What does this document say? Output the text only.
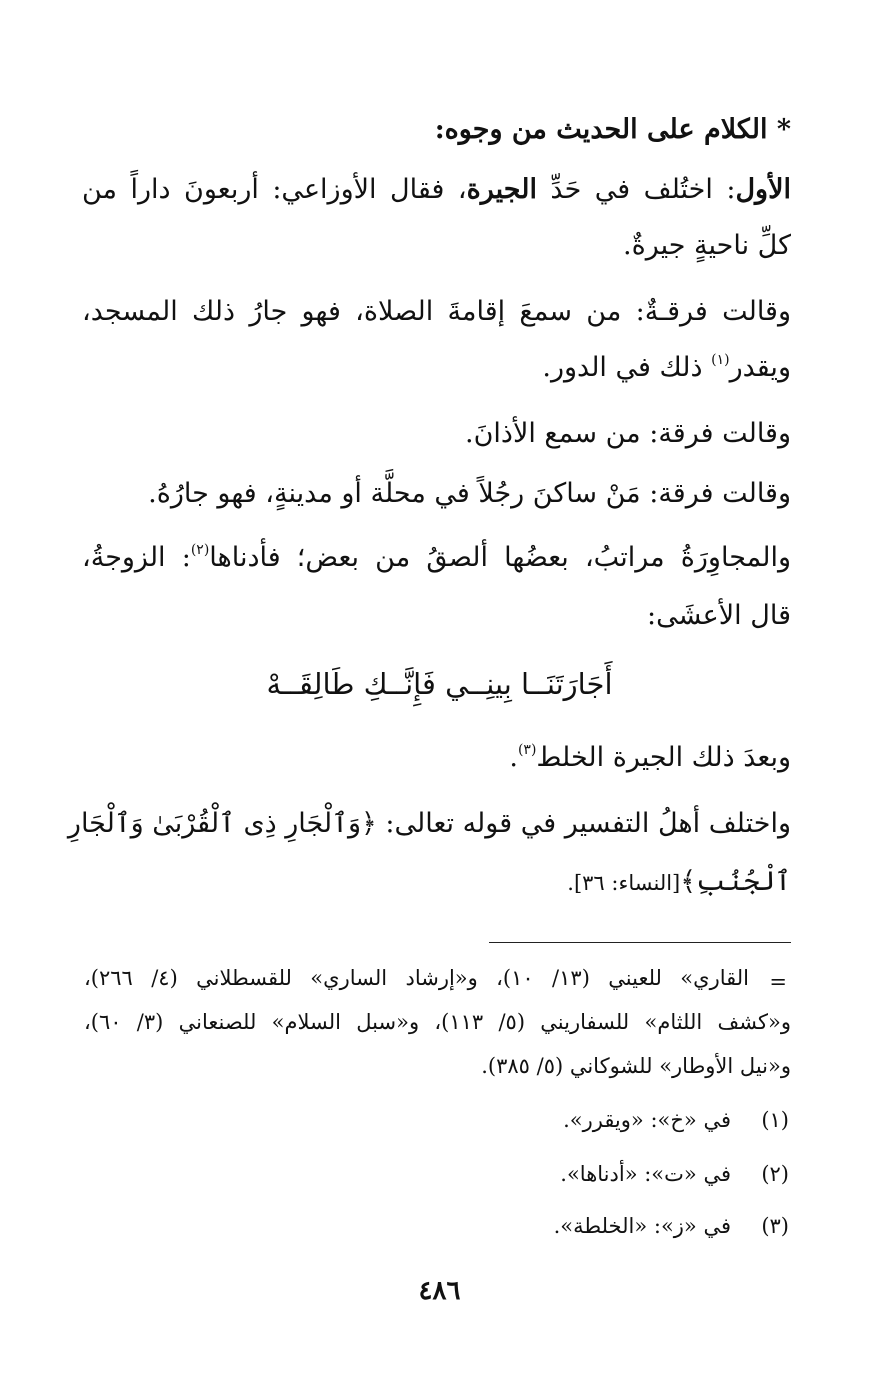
* الكلام على الحديث من وجوه:
الأول: اختُلف في حَدِّ الجيرة، فقال الأوزاعي: أربعونَ داراً من
كلِّ ناحيةٍ جيرةٌ.
وقالت فرقـةٌ: من سمعَ إقامةَ الصلاة، فهو جارُ ذلك المسجد،
ويقدر$^{(١)}$ ذلك في الدور.
وقالت فرقة: من سمع الأذانَ.
وقالت فرقة: مَنْ ساكنَ رجُلاً في محلَّة أو مدينةٍ، فهو جارُهُ.
والمجاوِرَةُ مراتبُ، بعضُها ألصقُ من بعض؛ فأدناها$^{(٢)}$: الزوجةُ،
قال الأعشَى:
أَجَارَتَنَــا بِينِــي فَإِنَّــكِ طَالِقَــهْ
وبعدَ ذلك الجيرة الخلط$^{(٣)}$.
واختلف أهلُ التفسير في قوله تعالى: ﴿وَٱلْجَارِ ذِى ٱلْقُرْبَىٰ وَٱلْجَارِ
ٱلْجُنُبِ﴾[النساء: ٣٦].
=
القاري» للعيني (١٣/ ١٠)، و«إرشاد الساري» للقسطلاني (٤/ ٢٦٦)،
و«كشف اللثام» للسفاريني (٥/ ١١٣)، و«سبل السلام» للصنعاني (٣/ ٦٠)،
و«نيل الأوطار» للشوكاني (٥/ ٣٨٥).
(١)
في «خ»: «ويقرر».
(٢)
في «ت»: «أدناها».
(٣)
في «ز»: «الخلطة».
٤٨٦
